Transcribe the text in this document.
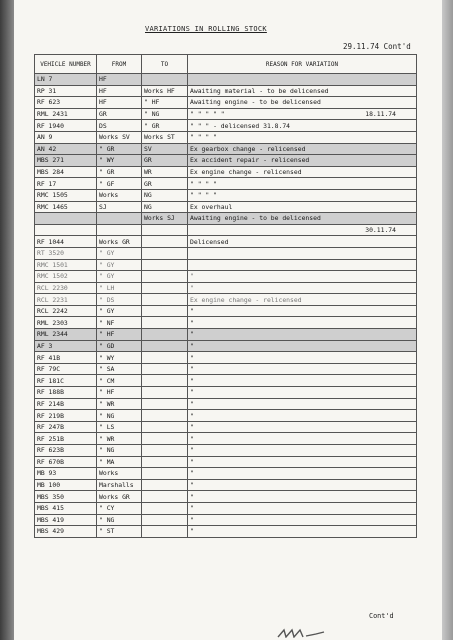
VARIATIONS IN ROLLING STOCK
29.11.74 Cont'd
VEHICLE NUMBER	FROM	TO	REASON FOR VARIATION
LN 7	HF		
RP 31	HF	Works HF	Awaiting material - to be delicensed
RF 623	HF	" HF	Awaiting engine - to be delicensed
RML 2431	GR	" NG	" " " " " 18.11.74

RF 1940	DS	" GR	" " " - delicensed 31.8.74
AN 9	Works SV	Works ST	" " " "
AN 42	" GR	SV	Ex gearbox change - relicensed
MBS 271	" WY	GR	Ex accident repair - relicensed
MBS 284	" GR	WR	Ex engine change - relicensed
RF 17	" GF	GR	" " " "
RMC 1505	Works	NG	" " " "
RMC 1465	SJ	NG	Ex overhaul
		Works SJ	Awaiting engine - to be delicensed

			30.11.74

RF 1044	Works GR		Delicensed
RT 3520	" GY		
RMC 1501	" GY		
RMC 1502	" GY		"
RCL 2230	" LH		"
RCL 2231	" DS		Ex engine change - relicensed
RCL 2242	" GY		"
RML 2303	" NF		"
RML 2344	" HF		"
AF 3	" GD		"
RF 41B	" WY		"
RF 79C	" SA		"
RF 181C	" CM		"
RF 188B	" HF		"
RF 214B	" WR		"
RF 219B	" NG		"
RF 247B	" LS		"
RF 251B	" WR		"
RF 623B	" NG		"
RF 670B	" MA		"
MB 93	Works		"
MB 100	Marshalls		"
MBS 350	Works GR		"
MBS 415	" CY		"
MBS 419	" NG		"
MBS 429	" ST		"
Cont'd
